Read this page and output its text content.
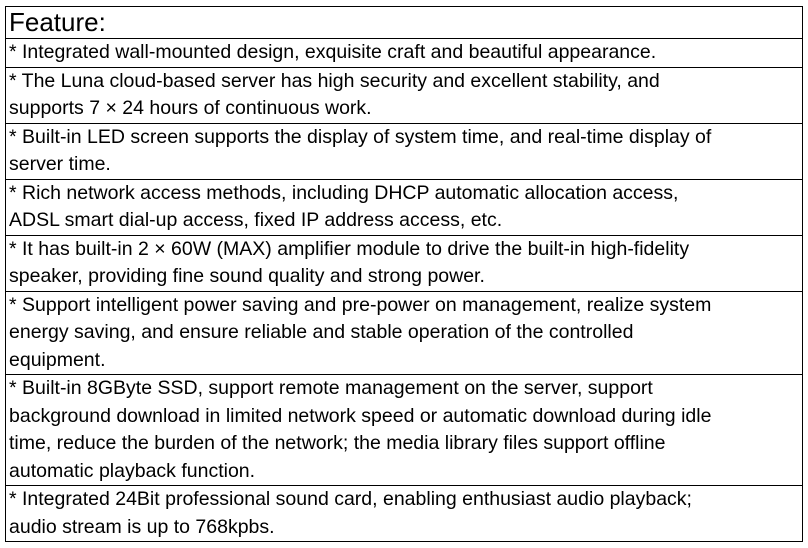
Feature:

* Integrated wall-mounted design, exquisite craft and beautiful appearance.

* The Luna cloud-based server has high security and excellent stability, and
supports 7 × 24 hours of continuous work.

* Built-in LED screen supports the display of system time, and real-time display of
server time.

* Rich network access methods, including DHCP automatic allocation access,
ADSL smart dial-up access, fixed IP address access, etc.

* It has built-in 2 × 60W (MAX) amplifier module to drive the built-in high-fidelity
speaker, providing fine sound quality and strong power.

* Support intelligent power saving and pre-power on management, realize system
energy saving, and ensure reliable and stable operation of the controlled
equipment.

* Built-in 8GByte SSD, support remote management on the server, support
background download in limited network speed or automatic download during idle
time, reduce the burden of the network; the media library files support offline
automatic playback function.

* Integrated 24Bit professional sound card, enabling enthusiast audio playback;
audio stream is up to 768kpbs.
